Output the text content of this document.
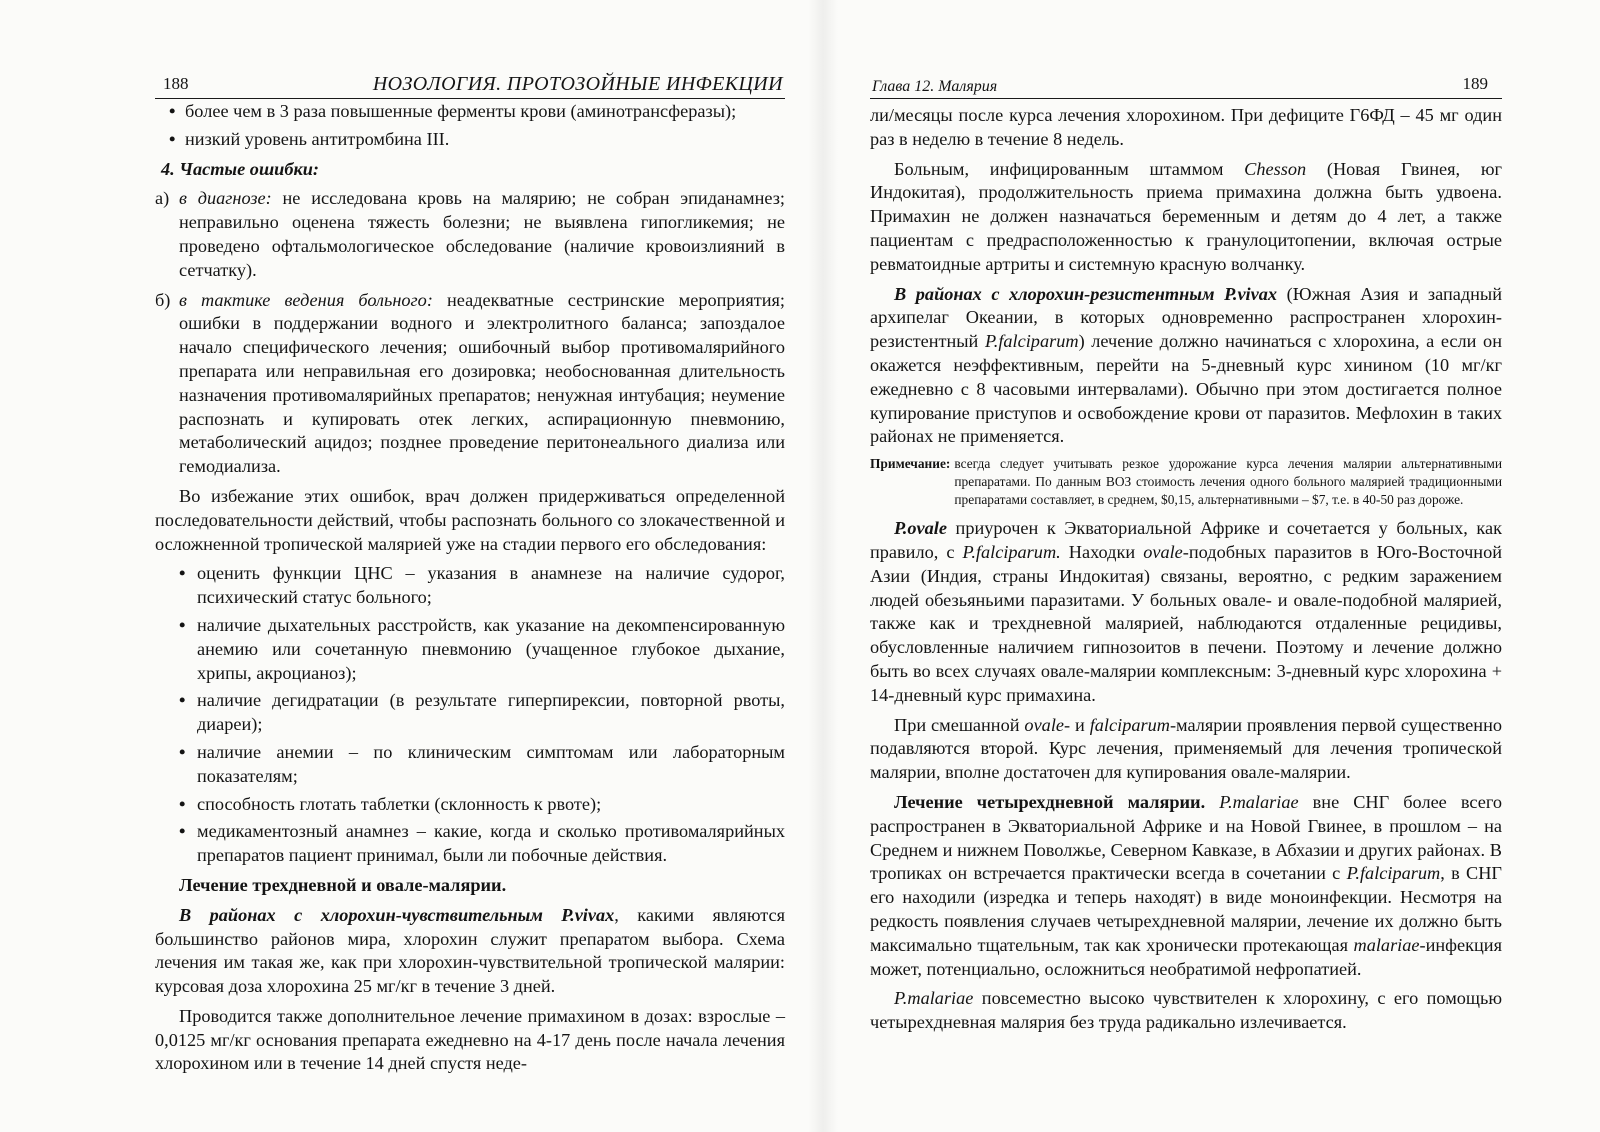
188	НОЗОЛОГИЯ. ПРОТОЗОЙНЫЕ ИНФЕКЦИИ
• более чем в 3 раза повышенные ферменты крови (аминотрансферазы);
• низкий уровень антитромбина III.
4. Частые ошибки:
а) в диагнозе: не исследована кровь на малярию; не собран эпиданамнез; неправильно оценена тяжесть болезни; не выявлена гипогликемия; не проведено офтальмологическое обследование (наличие кровоизлияний в сетчатку).
б) в тактике ведения больного: неадекватные сестринские мероприятия; ошибки в поддержании водного и электролитного баланса; запоздалое начало специфического лечения; ошибочный выбор противомалярийного препарата или неправильная его дозировка; необоснованная длительность назначения противомалярийных препаратов; ненужная интубация; неумение распознать и купировать отек легких, аспирационную пневмонию, метаболический ацидоз; позднее проведение перитонеального диализа или гемодиализа.

Во избежание этих ошибок, врач должен придерживаться определенной последовательности действий, чтобы распознать больного со злокачественной и осложненной тропической малярией уже на стадии первого его обследования:

• оценить функции ЦНС – указания в анамнезе на наличие судорог, психический статус больного;
• наличие дыхательных расстройств, как указание на декомпенсированную анемию или сочетанную пневмонию (учащенное глубокое дыхание, хрипы, акроцианоз);
• наличие дегидратации (в результате гиперпирексии, повторной рвоты, диареи);
• наличие анемии – по клиническим симптомам или лабораторным показателям;
• способность глотать таблетки (склонность к рвоте);
• медикаментозный анамнез – какие, когда и сколько противомалярийных препаратов пациент принимал, были ли побочные действия.

Лечение трехдневной и овале-малярии.

В районах с хлорохин-чувствительным P.vivax, какими являются большинство районов мира, хлорохин служит препаратом выбора. Схема лечения им такая же, как при хлорохин-чувствительной тропической малярии: курсовая доза хлорохина 25 мг/кг в течение 3 дней.

Проводится также дополнительное лечение примахином в дозах: взрослые – 0,0125 мг/кг основания препарата ежедневно на 4-17 день после начала лечения хлорохином или в течение 14 дней спустя неде-

Глава 12. Малярия	189

ли/месяцы после курса лечения хлорохином. При дефиците Г6ФД – 45 мг один раз в неделю в течение 8 недель.

Больным, инфицированным штаммом Chesson (Новая Гвинея, юг Индокитая), продолжительность приема примахина должна быть удвоена. Примахин не должен назначаться беременным и детям до 4 лет, а также пациентам с предрасположенностью к гранулоцитопении, включая острые ревматоидные артриты и системную красную волчанку.

В районах с хлорохин-резистентным P.vivax (Южная Азия и западный архипелаг Океании, в которых одновременно распространен хлорохин-резистентный P.falciparum) лечение должно начинаться с хлорохина, а если он окажется неэффективным, перейти на 5-дневный курс хинином (10 мг/кг ежедневно с 8 часовыми интервалами). Обычно при этом достигается полное купирование приступов и освобождение крови от паразитов. Мефлохин в таких районах не применяется.

Примечание: всегда следует учитывать резкое удорожание курса лечения малярии альтернативными препаратами. По данным ВОЗ стоимость лечения одного больного малярией традиционными препаратами составляет, в среднем, $0,15, альтернативными – $7, т.е. в 40-50 раз дороже.

P.ovale приурочен к Экваториальной Африке и сочетается у больных, как правило, с P.falciparum. Находки ovale-подобных паразитов в Юго-Восточной Азии (Индия, страны Индокитая) связаны, вероятно, с редким заражением людей обезьяньими паразитами. У больных овале- и овале-подобной малярией, также как и трехдневной малярией, наблюдаются отдаленные рецидивы, обусловленные наличием гипнозоитов в печени. Поэтому и лечение должно быть во всех случаях овале-малярии комплексным: 3-дневный курс хлорохина + 14-дневный курс примахина.

При смешанной ovale- и falciparum-малярии проявления первой существенно подавляются второй. Курс лечения, применяемый для лечения тропической малярии, вполне достаточен для купирования овале-малярии.

Лечение четырехдневной малярии. P.malariae вне СНГ более всего распространен в Экваториальной Африке и на Новой Гвинее, в прошлом – на Среднем и нижнем Поволжье, Северном Кавказе, в Абхазии и других районах. В тропиках он встречается практически всегда в сочетании с P.falciparum, в СНГ его находили (изредка и теперь находят) в виде моноинфекции. Несмотря на редкость появления случаев четырехдневной малярии, лечение их должно быть максимально тщательным, так как хронически протекающая malariae-инфекция может, потенциально, осложниться необратимой нефропатией.

P.malariae повсеместно высоко чувствителен к хлорохину, с его помощью четырехдневная малярия без труда радикально излечивается.
